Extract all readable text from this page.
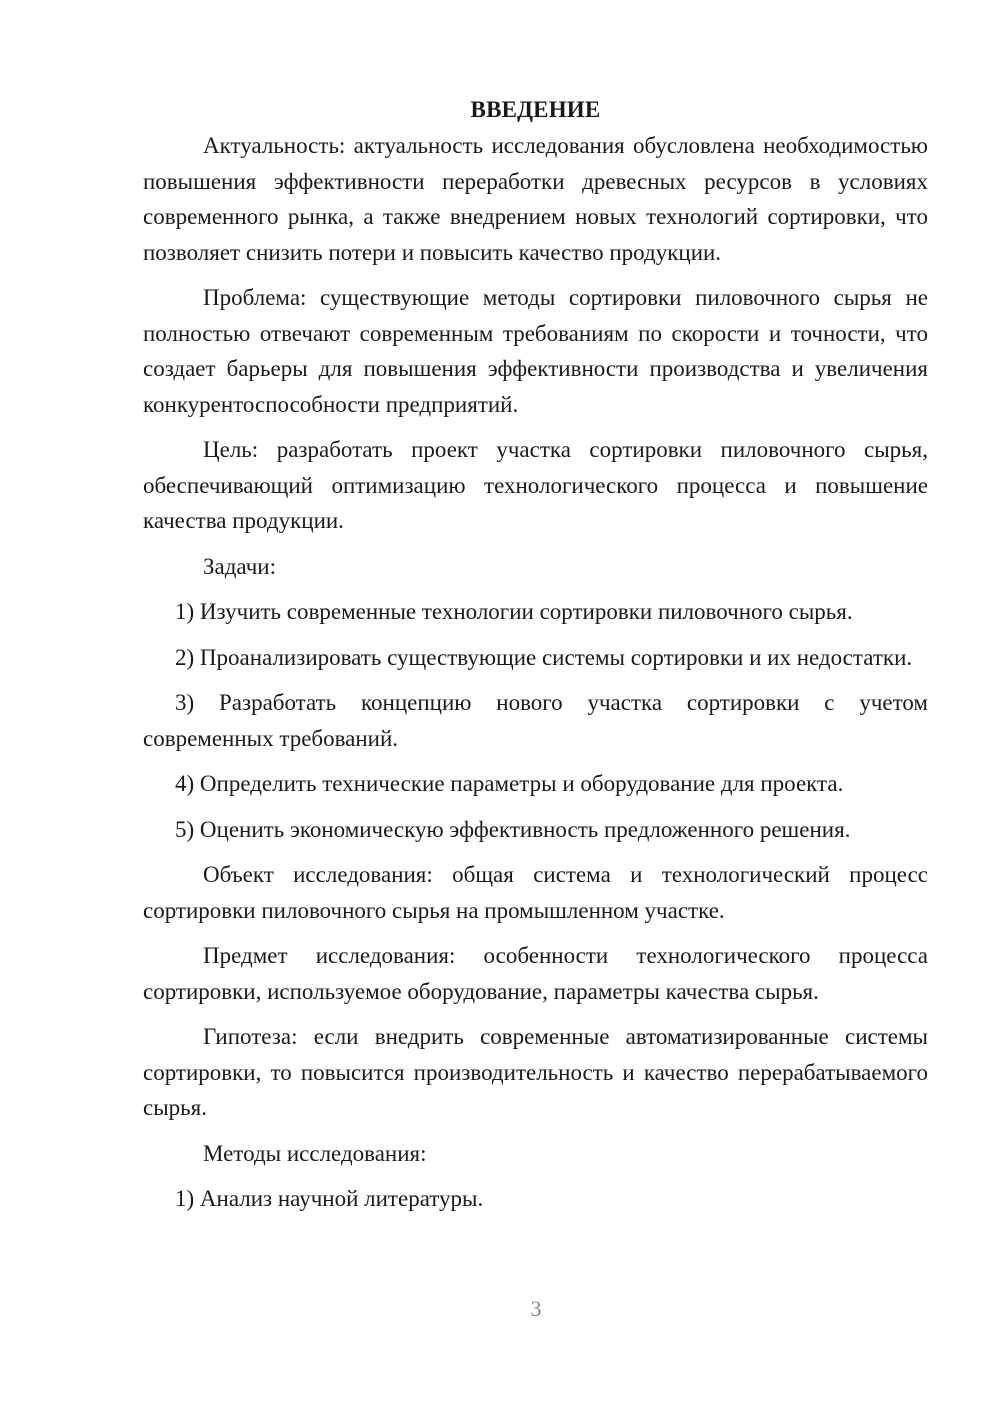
ВВЕДЕНИЕ

Актуальность: актуальность исследования обусловлена необходимостью повышения эффективности переработки древесных ресурсов в условиях современного рынка, а также внедрением новых технологий сортировки, что позволяет снизить потери и повысить качество продукции.

Проблема: существующие методы сортировки пиловочного сырья не полностью отвечают современным требованиям по скорости и точности, что создает барьеры для повышения эффективности производства и увеличения конкурентоспособности предприятий.

Цель: разработать проект участка сортировки пиловочного сырья, обеспечивающий оптимизацию технологического процесса и повышение качества продукции.

Задачи:

1) Изучить современные технологии сортировки пиловочного сырья.

2) Проанализировать существующие системы сортировки и их недостатки.

3) Разработать концепцию нового участка сортировки с учетом современных требований.

4) Определить технические параметры и оборудование для проекта.

5) Оценить экономическую эффективность предложенного решения.

Объект исследования: общая система и технологический процесс сортировки пиловочного сырья на промышленном участке.

Предмет исследования: особенности технологического процесса сортировки, используемое оборудование, параметры качества сырья.

Гипотеза: если внедрить современные автоматизированные системы сортировки, то повысится производительность и качество перерабатываемого сырья.

Методы исследования:

1) Анализ научной литературы.

3
